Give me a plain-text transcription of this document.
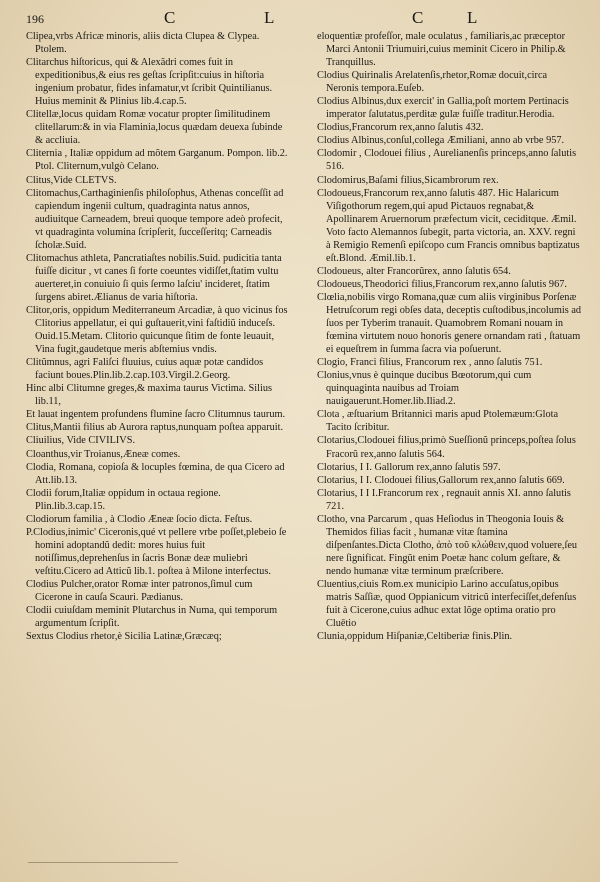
196	C	L	C L

Clipea,vrbs Africæ minoris, aliis dicta Clupea & Clypea. Ptolem.

Clitarchus hiſtoricus, qui & Alexãdri comes fuit in expeditionibus,& eius res geſtas ſcripſit:cuius in hiſtoria ingenium probatur, fides infamatur,vt ſcribit Quintilianus. Huius meminit & Plinius lib.4.cap.5.

Clitellæ,locus quidam Romæ vocatur propter ſimilitudinem clitellarum:& in via Flaminia,locus quædam deuexa ſubinde & accliuia.

Cliternia , Italiæ oppidum ad mõtem Garganum. Pompon. lib.2. Ptol. Cliternum,vulgò Celano.

Clitus,Vide CLETVS.

Clitomachus,Carthagìnienſis philoſophus, Athenas conceſſit ad capiendum ingenii cultum, quadraginta natus annos, audiuitque Carneadem, breui quoque tempore adeò profecit, vt quadraginta volumina ſcripſerit, ſucceſſeritq; Carneadis ſcholæ.Suid.

Clitomachus athleta, Pancratiaſtes nobilis.Suid. pudicitia tanta fuiſſe dicitur , vt canes ſi forte coeuntes vidiſſet,ſtatim vultu auerteret,in conuiuio ſi quis ſermo laſciu' incideret, ſtatim ſurgens abiret.Ælianus de varia hiſtoria.

Clitor,oris, oppidum Mediterraneum Arcadiæ, à quo vicinus fos Clitorius appellatur, ei qui guſtauerit,vini faſtidiũ induceſs. Ouid.15.Metam. Clitorio quicunque ſitim de fonte leuauit, Vina fugit,gaudetque meris abſtemius vndis.

Clitũmnus, agri Faliſci fluuius, cuius aquæ potæ candidos faciunt boues.Plin.lib.2.cap.103.Virgil.2.Georg.

Hinc albi Clitumne greges,& maxima taurus Victima. Silius lib.11,

Et lauat ingentem profundens flumine ſacro Clitumnus taurum.

Clitus,Mantii filius ab Aurora raptus,nunquam poſtea apparuit.

Cliuilius, Vide CIVILIVS.

Cloanthus,vir Troianus,Æneæ comes.

Clodia, Romana, copioſa & locuples fœmina, de qua Cicero ad Att.lib.13.

Clodii forum,Italiæ oppidum in octaua regione. Plin.lib.3.cap.15.

Clodiorum familia , à Clodio Æneæ ſocio dicta. Feſtus.

P.Clodius,inimic' Ciceronis,qué vt pellere vrbe poſſet,plebeio ſe homini adoptandũ dedit: mores huius fuit notiſſimus,deprehenſus in ſacris Bonæ deæ muliebri veſtitu.Cicero ad Atticũ lib.1. poſtea à Milone interfectus.

Clodius Pulcher,orator Romæ inter patronos,ſimul cum Cicerone in cauſa Scauri. Pædianus.

Clodii cuiuſdam meminit Plutarchus in Numa, qui temporum argumentum ſcripſit.

Sextus Clodius rhetor,è Sicilia Latinæ,Græcæq;

eloquentiæ profeſſor, male oculatus , familiaris,ac præceptor Marci Antonii Triumuiri,cuius meminit Cicero in Philip.& Tranquillus.

Clodius Quirinalis Arelatenſis,rhetor,Romæ docuit,circa Neronis tempora.Euſeb.

Clodius Albinus,dux exercit' in Gallia,poſt mortem Pertinacis imperator ſalutatus,perditæ gulæ fuiſſe traditur.Herodia.

Clodius,Francorum rex,anno ſalutis 432.

Clodius Albinus,conſul,collega Æmiliani, anno ab vrbe 957.

Clodomir , Clodouei filius , Aurelianenſis princeps,anno ſalutis 516.

Clodomirus,Baſami filius,Sicambrorum rex.

Clodoueus,Francorum rex,anno ſalutis 487. Hic Halaricum Viſigothorum regem,qui apud Pictauos regnabat,& Apollinarem Aruernorum præfectum vicit, ceciditque. Æmil. Voto facto Alemannos ſubegit, parta victoria, an. XXV. regni à Remigio Remenſi epiſcopo cum Francis omnibus baptizatus eſt.Blond. Æmil.lib.1.

Clodoueus, alter Francorũrex, anno ſalutis 654.

Clodoueus,Theodorici filius,Francorum rex,anno ſalutis 967.

Clœlia,nobilis virgo Romana,quæ cum aliis virginibus Porſenæ Hetruſcorum regi obſes data, deceptis cuſtodibus,incolumis ad ſuos per Tyberim tranauit. Quamobrem Romani nouam in fœmina virtutem nouo honoris genere ornandam rati , ſtatuam ei equeſtrem in ſumma ſacra via poſuerunt.

Clogio, Franci filius, Francorum rex , anno ſalutis 751.

Clonius,vnus è quinque ducibus Bœotorum,qui cum quinquaginta nauibus ad Troiam nauigauerunt.Homer.lib.Iliad.2.

Clota , æſtuarium Britannici maris apud Ptolemæum:Glota Tacito ſcribitur.

Clotarius,Clodouei filius,primò Sueſſionũ princeps,poſtea ſolus Fracorũ rex,anno ſalutis 564.

Clotarius, I I. Gallorum rex,anno ſalutis 597.

Clotarius, I I. Clodouei filius,Gallorum rex,anno ſalutis 669.

Clotarius, I I I.Francorum rex , regnauit annis XI. anno ſalutis 721.

Clotho, vna Parcarum , quas Heſiodus in Theogonia Iouis & Themidos filias facit , humanæ vitæ ſtamina diſpenſantes.Dicta Clotho, ἀπὸ τοῦ κλώθειν,quod voluere,ſeu nere ſignificat. Fingũt enim Poetæ hanc colum geſtare, & nendo humanæ vitæ terminum præſcribere.

Cluentius,ciuis Rom.ex municipio Larino accuſatus,opibus matris Saſſiæ, quod Oppianicum vitricũ interfeciſſet,defenſus fuit à Cicerone,cuius adhuc extat lõge optima oratio pro Cluētio

Clunia,oppidum Hiſpaniæ,Celtiberiæ finis.Plin.
